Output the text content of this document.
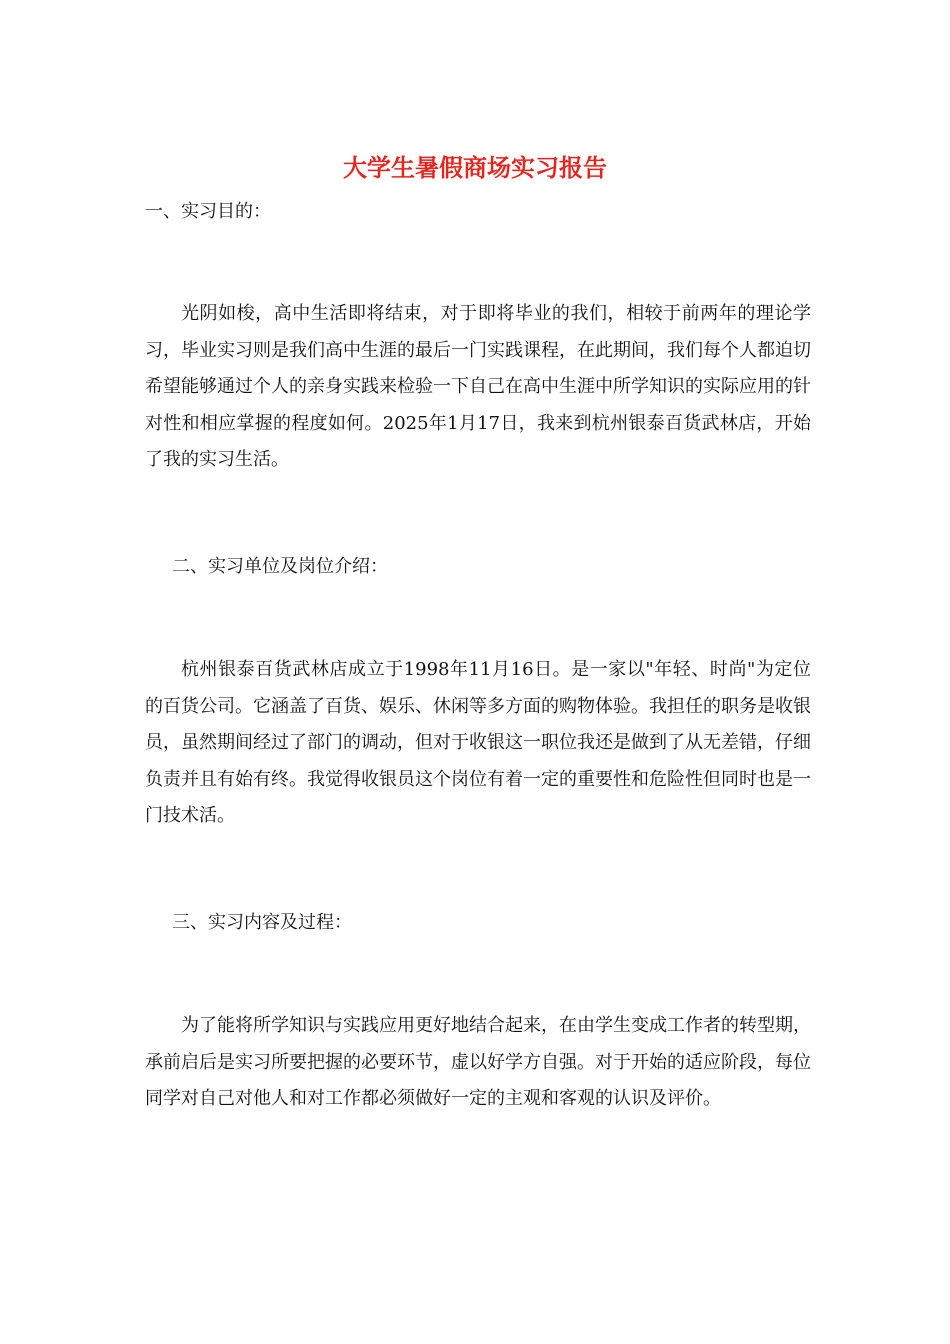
大学生暑假商场实习报告

一、实习目的：

光阴如梭，高中生活即将结束，对于即将毕业的我们，相较于前两年的理论学习，毕业实习则是我们高中生涯的最后一门实践课程，在此期间，我们每个人都迫切希望能够通过个人的亲身实践来检验一下自己在高中生涯中所学知识的实际应用的针对性和相应掌握的程度如何。2025年1月17日，我来到杭州银泰百货武林店，开始了我的实习生活。

二、实习单位及岗位介绍：

杭州银泰百货武林店成立于1998年11月16日。是一家以"年轻、时尚"为定位的百货公司。它涵盖了百货、娱乐、休闲等多方面的购物体验。我担任的职务是收银员，虽然期间经过了部门的调动，但对于收银这一职位我还是做到了从无差错，仔细负责并且有始有终。我觉得收银员这个岗位有着一定的重要性和危险性但同时也是一门技术活。

三、实习内容及过程：

为了能将所学知识与实践应用更好地结合起来，在由学生变成工作者的转型期，承前启后是实习所要把握的必要环节，虚以好学方自强。对于开始的适应阶段，每位同学对自己对他人和对工作都必须做好一定的主观和客观的认识及评价。
